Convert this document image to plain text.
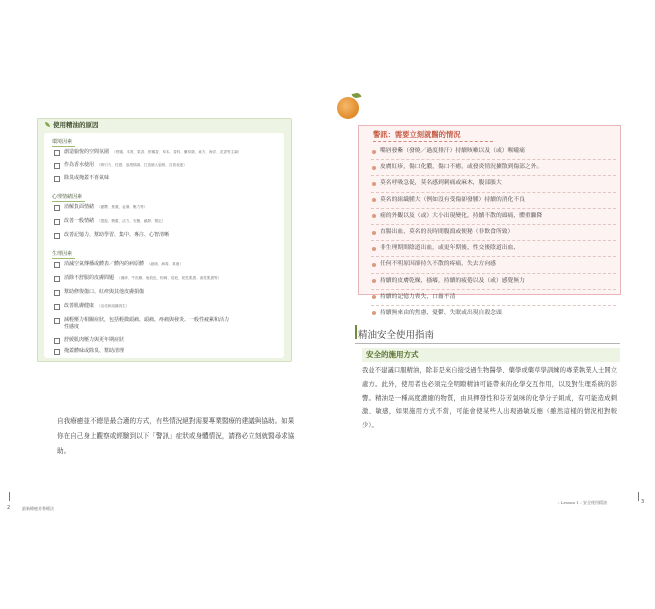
使用精油的原因
環境因素
創造愉悅的空間氛圍 （柑橘、木質、果香、柑橘香、草本、香料、藥草類、東方、海洋、花香等主調）
作為香水使用 （吸引力、性感、浪漫情調、打造個人風格、自我表達）
除臭或掩蓋不喜氣味
心理情緒因素
消解負面情緒 （憂鬱、焦慮、哀傷、壓力等）
改善一般情緒 （提振、興奮、活力、安撫、鎮靜、穩定）
改善記憶力、幫助學習、集中、專注、心智清晰
生理因素
消滅空氣傳播或體表／體內的病原體 （細菌、病毒、真菌）
消除不舒服的皮膚問題 （濕疹、牛皮癬、疤痕色、粉刺、痘疤、乾性肌膚、油性肌膚等）
幫助修復傷口、紅疹與其他皮膚損傷
改善肌膚健康 （活化和組織再生）
減輕壓力相關症狀，包括輕微頭痛、頭痛、疼痛與發炎、一般性疲累和活力
性感度
舒緩肌肉壓力與更年期症狀
掩蓋體味或除臭、幫助清理

自我療癒並不總是最合適的方式，有些情況絕對需要專業醫療的建議與協助。如果你在自己身上觀察或經驗到以下「警訊」症狀或身體情況，請務必立刻就醫尋求協助。

2	最新療癒芳香療法
警訊：需要立刻就醫的情況
嘴唇發紫（發燒／過度排汗）持續咳嗽以及（或）喉嚨痛
皮膚紅疹，傷口化膿，傷口不癒，或發炎情況擴散到傷部之外。
莫名呼吸急促，莫名感到刺痛或麻木，腹部脹大
莫名的組織腫大（例如沒有受傷卻發腫）持續的消化不良
癌的外觀以及（或）大小出現變化，持續不散的頭痛，體重驟降
直腸出血，莫名的長時間腹瀉或便秘（非飲食所致）
非生理期間陰道出血，或更年期後、性交後陰道出血、
任何不明原因卻持久不散的疼痛，失去方向感
持續的皮膚乾燥，搔癢，持續的疲倦以及（或）感覺無力
持續的記憶力喪失，口齒不清
持續無來由的焦慮、憂鬱、失眠或出現自殺念頭
精油安全使用指南
安全的施用方式

我並不建議口服精油，除非是來自接受過生物醫學、藥學或藥草學訓練的專業執業人士開立處方。此外，使用者也必須完全明瞭精油可能帶來的化學交互作用，以及對生理系統的影響。精油是一種高度濃縮的物質，由具揮發性和芬芳氣味的化學分子組成，有可能造成刺激、敏感，如果施用方式不當，可能會使某些人出現過敏反應（雖然這樣的情況相對較少）。

‹ Lesson 1 › 安全使用精油	3
